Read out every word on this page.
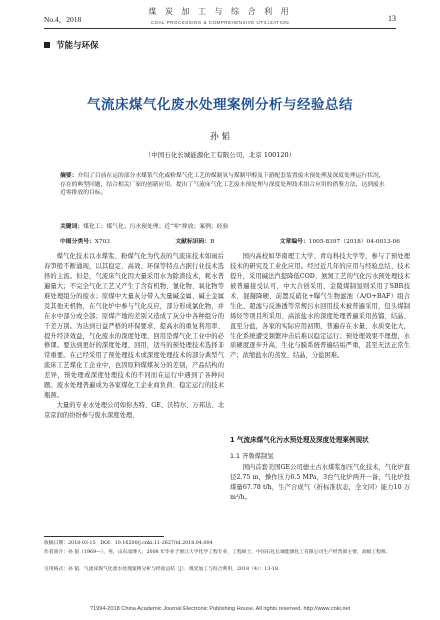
煤 炭 加 工 与 综 合 利 用
No.4，2018	COAL PROCESSING & COMPREHENSIVE UTILIZATION	13
节能与环保
气流床煤气化废水处理案例分析与经验总结
孙 韬
（中国石化长城能源化工有限公司，北京 100120）
摘要：介绍了目前在运的部分水煤浆气化或粉煤气化工艺的煤制氢与煤制甲醇及下游配套装置废水预处理及深度处理运行状况，存在的典型问题，结合相关厂家的创新应用，提出了气流床气化工艺废水预处理与深度处理技术组合应用的借鉴方法，达到废水近零排放的目标。
关键词：煤化工；煤气化；污水预处理；近“零”排放；案例；经验
中图分类号：X703	文献标识码：B	文章编号：1005-8397（2018）04-0013-06

煤气化技术以水煤浆、粉煤气化为代表的气流床技术如雨后春笋般不断涌现，以其稳定、高效、环保等特点占据行业技术选择的主流。但是，气流床气化因大量采用水为除渣技术，耗水普遍量大；不完全气化工艺又产生了含有机物、氰化物、氧化物等难处理组分的废水；原煤中大量灰分带入大量碱金属、碱土金属及其他无机物，在气化炉中参与气化反应，部分形成氯化物，并在水中部分或全部；原煤产地的差别又造成了灰分中各种组分的千差万别。为达到日益严格的环保要求、提高水的重复利用率、提升经济效益，气化废水的深度处理、回用是煤气化工业中的必修课。要达到更好的深度处理、回用，适当的预处理技术选择非常重要。在已经采用了预处理技术或深度处理技术的部分典型气流床工艺煤化工企业中，也因原料煤煤灰分的差别，产品结构的差异，预处理或深度处理技术的不同而在运行中遇到了各种问题。废水处理普遍成为各家煤化工企业商负荷、稳定运行的技术瓶颈。

大量的专业水处理公司如你杰特、GE、沃特尔、万邦达、北京京润的纷纷参与废水深度处理，

国内高校如华南理工大学、青岛科技大学等，参与了预处理技术的研究及工业化应用。经过近几年的应用与经验总结、技术提升，采用碱法汽提降低COD、氨氮工艺的气化污水预处理技术被普遍接受认可，中大合创采用、金陵煤制氢则采用了SBR技术、混凝降硬、前置反硝化+曝气生物滤池（A/O+BAF）组合生化、超滤与反渗透等常规污水回用技术被普遍采用，包头煤制烯烃等项目所采用、高浓盐水的深度处理普遍采用蒸馏、结晶、直至分盐，各家的实际应用初期，普遍存在水量、水质变化大，生化系统遭受频繁冲击后难以稳定运行；预处理效果不理想，水质硬度逐步升高，生化与膜系统普遍结垢严重，甚至无法正常生产；浓缩盐水的蒸发、结晶，分盐困难。

1 气流床煤气化污水预处理及深度处理案例现状
1.1 齐鲁煤制氢

国内首套美国GE公司德士古水煤浆加压气化技术，气化炉直径2.75 m，操作压力6.5 MPa，3台气化炉两开一备，气化炉投煤量67.78 t/h，生产合成气（折标准状态，全文同）能力10 万 m³/h。

收稿日期：2018-03-15 DOI：10.16200/j.cnki.11-2627/td.2018.04.004
作者简介：孙 韬（1969—），男，山东淄博人，2008 年毕业于浙江大学化学工程专业，工程硕士，中国石化长城能源化工有限公司生产经营部主要，高级工程师。
引用格式：孙 韬．气流床煤气化废水处理案例分析与经验总结［J］．煤炭加工与综合利用，2018（4）：13-18.
?1994-2018 China Academic Journal Electronic Publishing House. All rights reserved. http://www.cnki.net
